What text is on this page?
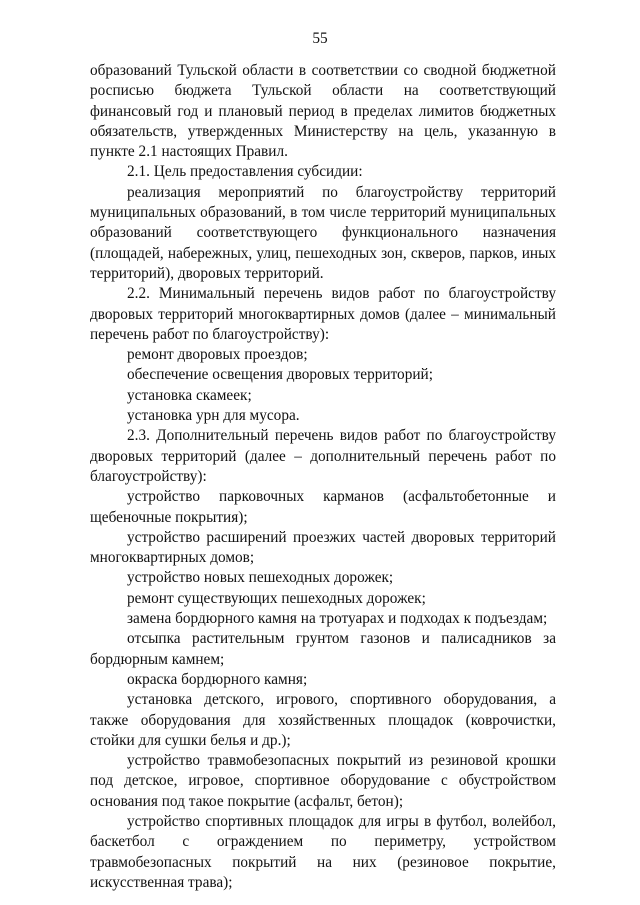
55

образований Тульской области в соответствии со сводной бюджетной росписью бюджета Тульской области на соответствующий финансовый год и плановый период в пределах лимитов бюджетных обязательств, утвержденных Министерству на цель, указанную в пункте 2.1 настоящих Правил.

2.1. Цель предоставления субсидии:

реализация мероприятий по благоустройству территорий муниципальных образований, в том числе территорий муниципальных образований соответствующего функционального назначения (площадей, набережных, улиц, пешеходных зон, скверов, парков, иных территорий), дворовых территорий.

2.2. Минимальный перечень видов работ по благоустройству дворовых территорий многоквартирных домов (далее – минимальный перечень работ по благоустройству):

ремонт дворовых проездов;

обеспечение освещения дворовых территорий;

установка скамеек;

установка урн для мусора.

2.3. Дополнительный перечень видов работ по благоустройству дворовых территорий (далее – дополнительный перечень работ по благоустройству):

устройство парковочных карманов (асфальтобетонные и щебеночные покрытия);

устройство расширений проезжих частей дворовых территорий многоквартирных домов;

устройство новых пешеходных дорожек;

ремонт существующих пешеходных дорожек;

замена бордюрного камня на тротуарах и подходах к подъездам;

отсыпка растительным грунтом газонов и палисадников за бордюрным камнем;

окраска бордюрного камня;

установка детского, игрового, спортивного оборудования, а также оборудования для хозяйственных площадок (коврочистки, стойки для сушки белья и др.);

устройство травмобезопасных покрытий из резиновой крошки под детское, игровое, спортивное оборудование с обустройством основания под такое покрытие (асфальт, бетон);

устройство спортивных площадок для игры в футбол, волейбол, баскетбол с ограждением по периметру, устройством травмобезопасных покрытий на них (резиновое покрытие, искусственная трава);
